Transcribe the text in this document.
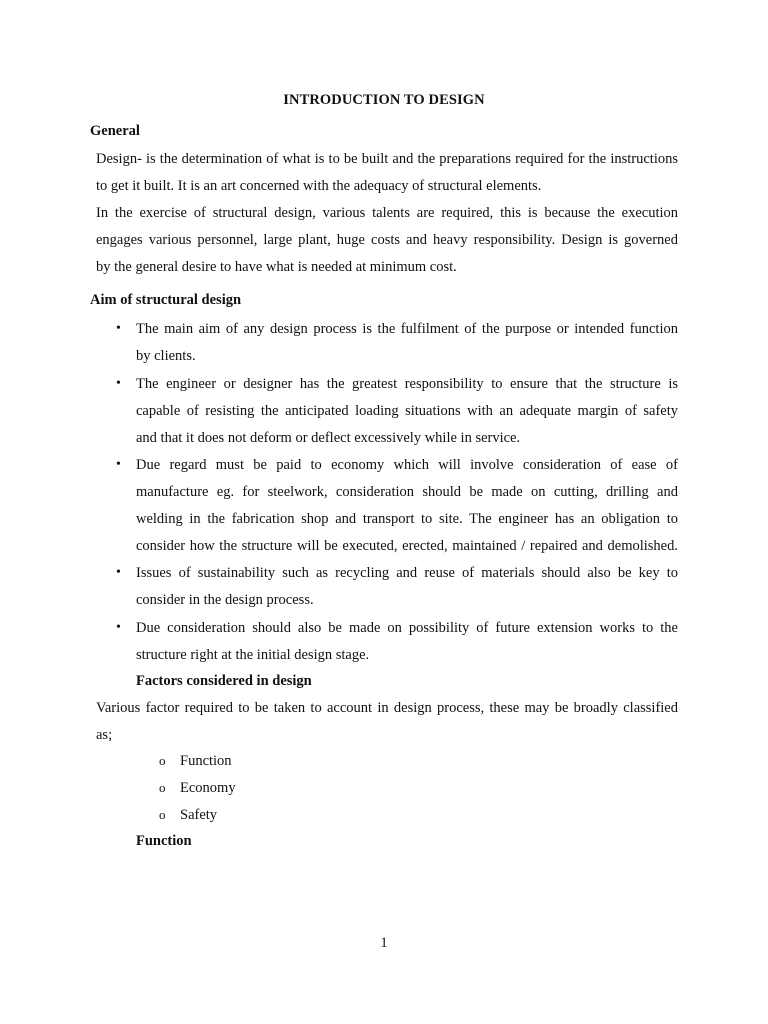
INTRODUCTION TO DESIGN
General
Design- is the determination of what is to be built and the preparations required for the instructions
to get it built. It is an art concerned with the adequacy of structural elements.
In the exercise of structural design, various talents are required, this is because the execution
engages various personnel, large plant, huge costs and heavy responsibility. Design is governed
by the general desire to have what is needed at minimum cost.
Aim of structural design
• The main aim of any design process is the fulfilment of the purpose or intended function
by clients.
• The engineer or designer has the greatest responsibility to ensure that the structure is
capable of resisting the anticipated loading situations with an adequate margin of safety
and that it does not deform or deflect excessively while in service.
• Due regard must be paid to economy which will involve consideration of ease of
manufacture eg. for steelwork, consideration should be made on cutting, drilling and
welding in the fabrication shop and transport to site. The engineer has an obligation to
consider how the structure will be executed, erected, maintained / repaired and demolished.
• Issues of sustainability such as recycling and reuse of materials should also be key to
consider in the design process.
• Due consideration should also be made on possibility of future extension works to the
structure right at the initial design stage.
Factors considered in design
Various factor required to be taken to account in design process, these may be broadly classified
as;
o Function
o Economy
o Safety
Function
1
